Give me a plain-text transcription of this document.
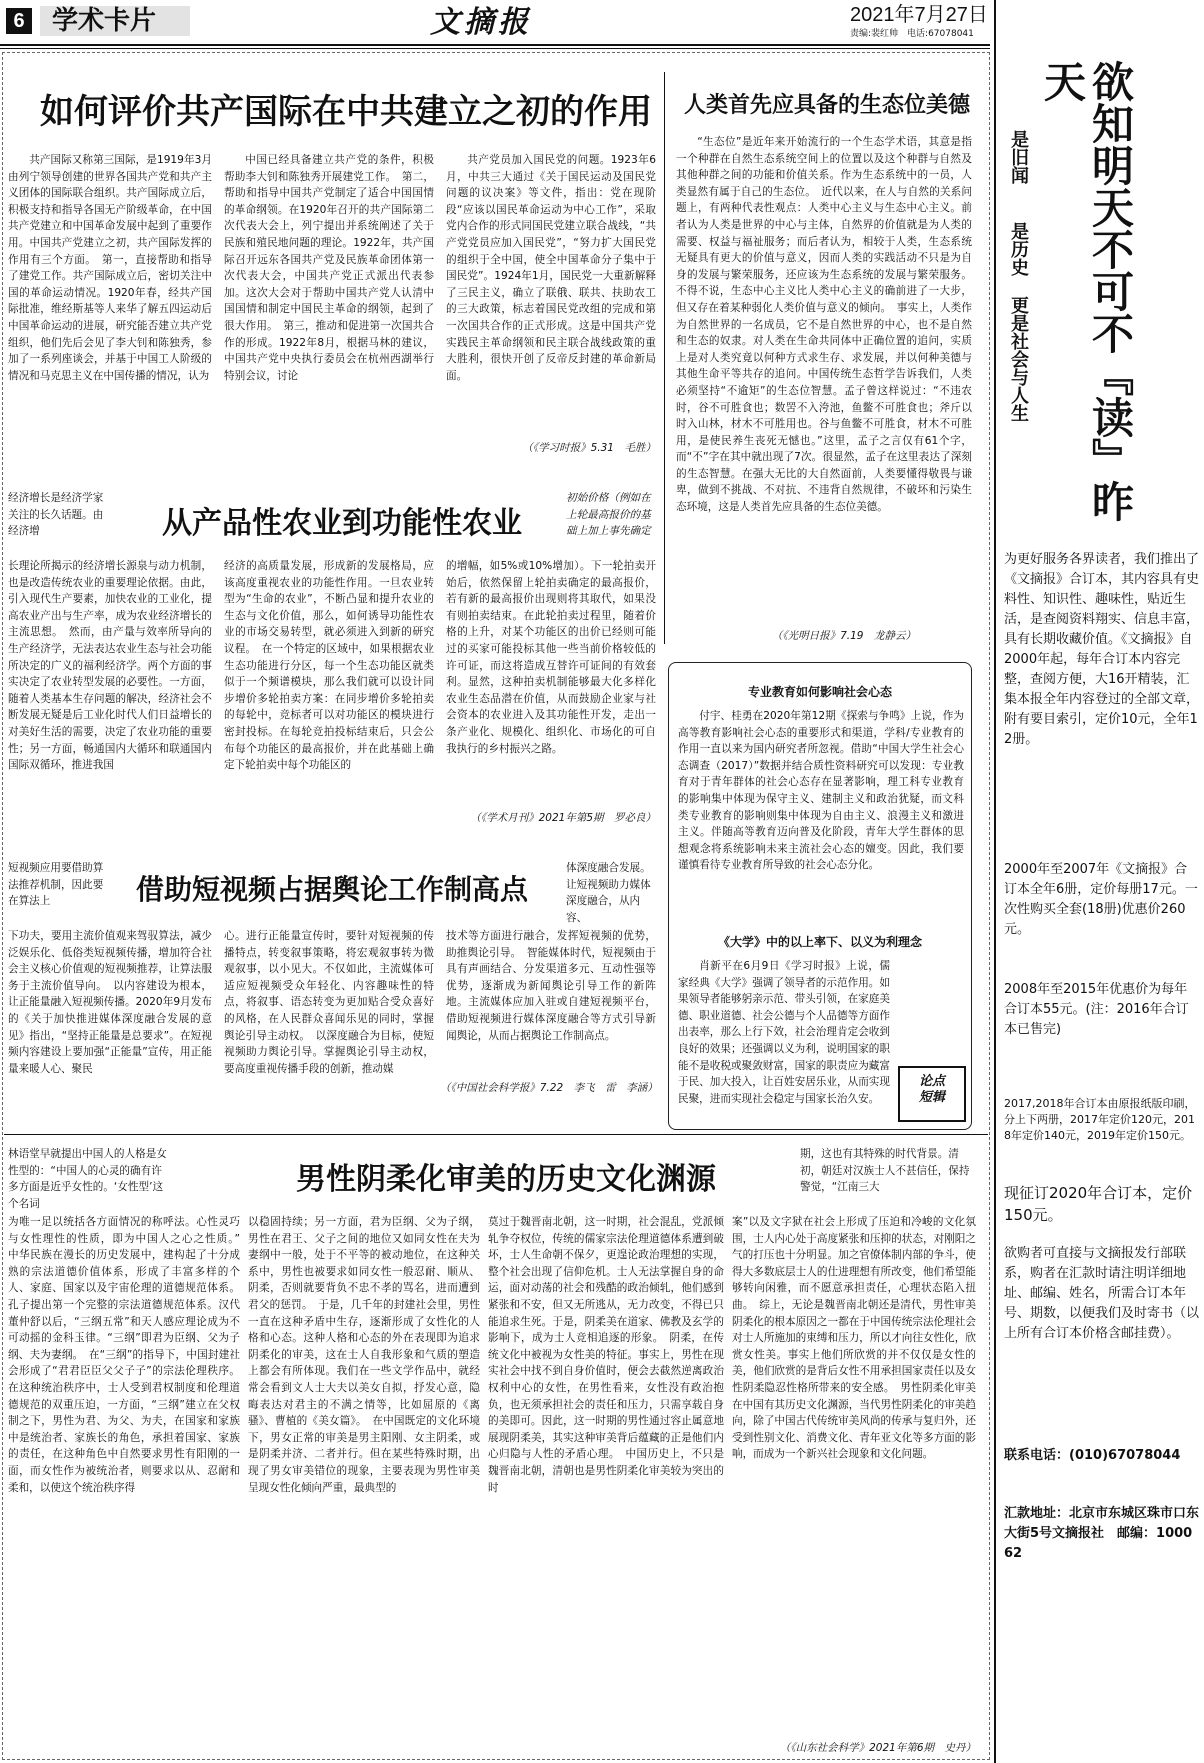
6	学术卡片	文摘报	2021年7月27日
责编:裴红帅　电话:67078041
如何评价共产国际在中共建立之初的作用

共产国际又称第三国际，是1919年3月由列宁领导创建的世界各国共产党和共产主义团体的国际联合组织。共产国际成立后，积极支持和指导各国无产阶级革命，在中国共产党建立和中国革命发展中起到了重要作用。中国共产党建立之初，共产国际发挥的作用有三个方面。　第一，直接帮助和指导了建党工作。共产国际成立后，密切关注中国的革命运动情况。1920年春，经共产国际批准，维经斯基等人来华了解五四运动后中国革命运动的进展，研究能否建立共产党组织，他们先后会见了李大钊和陈独秀，参加了一系列座谈会，并基于中国工人阶级的情况和马克思主义在中国传播的情况，认为

中国已经具备建立共产党的条件，积极帮助李大钊和陈独秀开展建党工作。　第二，帮助和指导中国共产党制定了适合中国国情的革命纲领。在1920年召开的共产国际第二次代表大会上，列宁提出并系统阐述了关于民族和殖民地问题的理论。1922年，共产国际召开远东各国共产党及民族革命团体第一次代表大会，中国共产党正式派出代表参加。这次大会对于帮助中国共产党人认清中国国情和制定中国民主革命的纲领，起到了很大作用。　第三，推动和促进第一次国共合作的形成。1922年8月，根据马林的建议，中国共产党中央执行委员会在杭州西湖举行特别会议，讨论

共产党员加入国民党的问题。1923年6月，中共三大通过《关于国民运动及国民党问题的议决案》等文件，指出：党在现阶段“应该以国民革命运动为中心工作”，采取党内合作的形式同国民党建立联合战线，“共产党党员应加入国民党”，“努力扩大国民党的组织于全中国，使全中国革命分子集中于国民党”。1924年1月，国民党一大重新解释了三民主义，确立了联俄、联共、扶助农工的三大政策，标志着国民党改组的完成和第一次国共合作的正式形成。这是中国共产党实践民主革命纲领和民主联合战线政策的重大胜利，很快开创了反帝反封建的革命新局面。

（《学习时报》5.31　毛胜）
人类首先应具备的生态位美德

“生态位”是近年来开始流行的一个生态学术语，其意是指一个种群在自然生态系统空间上的位置以及这个种群与自然及其他种群之间的功能和价值关系。作为生态系统中的一员，人类显然有属于自己的生态位。　近代以来，在人与自然的关系问题上，有两种代表性观点：人类中心主义与生态中心主义。前者认为人类是世界的中心与主体，自然界的价值就是为人类的需要、权益与福祉服务；而后者认为，相较于人类，生态系统无疑具有更大的价值与意义，因而人类的实践活动不只是为自身的发展与繁荣服务，还应该为生态系统的发展与繁荣服务。不得不说，生态中心主义比人类中心主义的确前进了一大步，但又存在着某种弱化人类价值与意义的倾向。　事实上，人类作为自然世界的一名成员，它不是自然世界的中心，也不是自然和生态的奴隶。对人类在生命共同体中正确位置的追问，实质上是对人类究竟以何种方式求生存、求发展，并以何种美德与其他生命平等共存的追问。中国传统生态哲学告诉我们，人类必须坚持“不逾矩”的生态位智慧。孟子曾这样说过：“不违农时，谷不可胜食也；数罟不入洿池，鱼鳖不可胜食也；斧斤以时入山林，材木不可胜用也。谷与鱼鳖不可胜食，材木不可胜用，是使民养生丧死无憾也。”这里，孟子之言仅有61个字，而“不”字在其中就出现了7次。很显然，孟子在这里表达了深刻的生态智慧。在强大无比的大自然面前，人类要懂得敬畏与谦卑，做到不挑战、不对抗、不违背自然规律，不破坏和污染生态环境，这是人类首先应具备的生态位美德。

（《光明日报》7.19　龙静云）
经济增长是经济学家关注的长久话题。由经济增
初始价格（例如在上轮最高报价的基础上加上事先确定
从产品性农业到功能性农业

长理论所揭示的经济增长源泉与动力机制，也是改造传统农业的重要理论依据。由此，引入现代生产要素，加快农业的工业化，提高农业产出与生产率，成为农业经济增长的主流思想。　然而，由产量与效率所导向的生产经济学，无法表达农业生态与社会功能所决定的广义的福利经济学。两个方面的事实决定了农业转型发展的必要性。一方面，随着人类基本生存问题的解决，经济社会不断发展无疑是后工业化时代人们日益增长的对美好生活的需要，决定了农业功能的重要性；另一方面，畅通国内大循环和联通国内国际双循环，推进我国

经济的高质量发展，形成新的发展格局，应该高度重视农业的功能性作用。一旦农业转型为“生命的农业”，不断凸显和提升农业的生态与文化价值，那么，如何诱导功能性农业的市场交易转型，就必须进入到新的研究议程。　在一个特定的区域中，如果根据农业生态功能进行分区，每一个生态功能区就类似于一个频谱模块，那么我们就可以设计同步增价多轮拍卖方案：在同步增价多轮拍卖的每轮中，竞标者可以对功能区的模块进行密封投标。在每轮竞拍投标结束后，只会公布每个功能区的最高报价，并在此基础上确定下轮拍卖中每个功能区的

的增幅，如5%或10%增加）。下一轮拍卖开始后，依然保留上轮拍卖确定的最高报价，若有新的最高报价出现则将其取代，如果没有则拍卖结束。在此轮拍卖过程里，随着价格的上升，对某个功能区的出价已经则可能过的买家可能投标其他一些当前价格较低的许可证，而这将造成互替许可证间的有效套利。显然，这种拍卖机制能够最大化多样化农业生态品潜在价值，从而鼓励企业家与社会资本的农业进入及其功能性开发，走出一条产业化、规模化、组织化、市场化的可自我执行的乡村振兴之路。

（《学术月刊》2021年第5期　罗必良）
专业教育如何影响社会心态

付宇、桂勇在2020年第12期《探索与争鸣》上说，作为高等教育影响社会心态的重要形式和渠道，学科/专业教育的作用一直以来为国内研究者所忽视。借助“中国大学生社会心态调查（2017）”数据并结合质性资料研究可以发现：专业教育对于青年群体的社会心态存在显著影响，理工科专业教育的影响集中体现为保守主义、建制主义和政治犹疑，而文科类专业教育的影响则集中体现为自由主义、浪漫主义和激进主义。伴随高等教育迈向普及化阶段，青年大学生群体的思想观念将系统影响未来主流社会心态的嬗变。因此，我们要谨慎看待专业教育所导致的社会心态分化。

《大学》中的以上率下、以义为利理念

肖新平在6月9日《学习时报》上说，儒家经典《大学》强调了领导者的示范作用。如果领导者能够躬亲示范、带头引领，在家庭美德、职业道德、社会公德与个人品德等方面作出表率，那么上行下效，社会治理肯定会收到良好的效果；还强调以义为利，说明国家的职能不是收税或聚敛财富，国家的职责应为藏富于民、加大投入，让百姓安居乐业，从而实现民聚，进而实现社会稳定与国家长治久安。

论点
短辑
短视频应用要借助算法推荐机制，因此要在算法上
体深度融合发展。让短视频助力媒体深度融合，从内容、
借助短视频占据舆论工作制高点

下功夫，要用主流价值观来驾驭算法，减少泛娱乐化、低俗类短视频传播，增加符合社会主义核心价值观的短视频推荐，让算法服务于主流价值导向。　以内容建设为根本，让正能量融入短视频传播。2020年9月发布的《关于加快推进媒体深度融合发展的意见》指出，“坚持正能量是总要求”。在短视频内容建设上要加强“正能量”宣传，用正能量来暖人心、聚民

心。进行正能量宣传时，要针对短视频的传播特点，转变叙事策略，将宏观叙事转为微观叙事，以小见大。不仅如此，主流媒体可适应短视频受众年轻化、内容趣味性的特点，将叙事、语态转变为更加贴合受众喜好的风格，在人民群众喜闻乐见的同时，掌握舆论引导主动权。　以深度融合为目标，使短视频助力舆论引导。掌握舆论引导主动权，要高度重视传播手段的创新，推动媒

技术等方面进行融合，发挥短视频的优势，助推舆论引导。　智能媒体时代，短视频由于具有声画结合、分发渠道多元、互动性强等优势，逐渐成为新闻舆论引导工作的新阵地。主流媒体应加入驻或自建短视频平台，借助短视频进行媒体深度融合等方式引导新闻舆论，从而占据舆论工作制高点。

（《中国社会科学报》7.22　李飞　雷　李涵）
林语堂早就提出中国人的人格是女性型的：“中国人的心灵的确有许多方面是近乎女性的。‘女性型’这个名词
期，这也有其特殊的时代背景。清初，朝廷对汉族士人不甚信任，保持警觉，“江南三大
男性阴柔化审美的历史文化渊源

为唯一足以统括各方面情况的称呼法。心性灵巧与女性理性的性质，即为中国人之心之性质。”　中华民族在漫长的历史发展中，建构起了十分成熟的宗法道德价值体系，形成了丰富多样的个人、家庭、国家以及宇宙伦理的道德规范体系。孔子提出第一个完整的宗法道德规范体系。汉代董仲舒以后，“三纲五常”和天人感应理论成为不可动摇的金科玉律。“三纲”即君为臣纲、父为子纲、夫为妻纲。　在“三纲”的指导下，中国封建社会形成了“君君臣臣父父子子”的宗法伦理秩序。在这种统治秩序中，士人受到君权制度和伦理道德规范的双重压迫，一方面，“三纲”建立在父权制之下，男性为君、为父、为夫，在国家和家族中是统治者、家族长的角色，承担着国家、家族的责任，在这种角色中自然要求男性有阳刚的一面，而女性作为被统治者，则要求以从、忍耐和柔和，以使这个统治秩序得

以稳固持续；另一方面，君为臣纲、父为子纲，男性在君王、父子之间的地位又如同女性在夫为妻纲中一般，处于不平等的被动地位，在这种关系中，男性也被要求如同女性一般忍耐、顺从、阴柔，否则就要背负不忠不孝的骂名，进而遭到君父的惩罚。　于是，几千年的封建社会里，男性一直在这种矛盾中生存，逐渐形成了女性化的人格和心态。这种人格和心态的外在表现即为追求阴柔化的审美，这在士人自我形象和气质的塑造上都会有所体现。我们在一些文学作品中，就经常会看到文人士大夫以美女自拟，抒发心意，隐晦表达对君主的不满之情等，比如屈原的《离骚》、曹植的《美女篇》。　在中国既定的文化环境下，男女正常的审美是男主阳刚、女主阴柔，或是阴柔并济、二者并行。但在某些特殊时期，出现了男女审美错位的现象，主要表现为男性审美呈现女性化倾向严重，最典型的

莫过于魏晋南北朝，这一时期，社会混乱，党派倾轧争夺权位，传统的儒家宗法伦理道德体系遭到破坏，士人生命朝不保夕，更遑论政治理想的实现，整个社会出现了信仰危机。士人无法掌握自身的命运，面对动荡的社会和残酷的政治倾轧，他们感到紧张和不安，但又无所逃从，无力改变，不得已只能追求生死。于是，阴柔美在道家、佛教及玄学的影响下，成为士人竞相追逐的形象。　阴柔，在传统文化中被视为女性美的特征。事实上，男性在现实社会中找不到自身价值时，便会去截然逆离政治权利中心的女性，在男性看来，女性没有政治抱负，也无须承担社会的责任和压力，只需享载自身的美即可。因此，这一时期的男性通过容止属意地展现阴柔美，其实这种审美背后蕴藏的正是他们内心归隐与人性的矛盾心理。　中国历史上，不只是魏晋南北朝，清朝也是男性阴柔化审美较为突出的时

案”以及文字狱在社会上形成了压迫和冷峻的文化氛围，士人内心处于高度紧张和压抑的状态，对刚阳之气的打压也十分明显。加之官僚体制内部的争斗，使得大多数底层士人的仕进理想有所改变，他们希望能够转向闲雅，而不愿意承担责任，心理状态陷入扭曲。　综上，无论是魏晋南北朝还是清代，男性审美阴柔化的根本原因之一都在于中国传统宗法伦理社会对士人所施加的束缚和压力，所以才向往女性化，欣赏女性美。事实上他们所欣赏的并不仅仅是女性的美，他们欣赏的是背后女性不用承担国家责任以及女性阴柔隐忍性格所带来的安全感。　男性阴柔化审美在中国有其历史文化渊源，当代男性阴柔化的审美趋向，除了中国古代传统审美风尚的传承与复归外，还受到性别文化、消费文化、青年亚文化等多方面的影响，而成为一个新兴社会现象和文化问题。

（《山东社会科学》2021年第6期　史丹）
欲知明天不可不『读』昨天
是旧闻
是历史
更是社会与人生
为更好服务各界读者，我们推出了《文摘报》合订本，其内容具有史料性、知识性、趣味性，贴近生活，是查阅资料翔实、信息丰富，具有长期收藏价值。《文摘报》自2000年起，每年合订本内容完整，查阅方便，大16开精装，汇集本报全年内容登过的全部文章，附有要目索引，定价10元，全年12册。
2000年至2007年《文摘报》合订本全年6册，定价每册17元。一次性购买全套(18册)优惠价260元。
2008年至2015年优惠价为每年合订本55元。(注：2016年合订本已售完)
2017,2018年合订本由原报纸版印刷，分上下两册，2017年定价120元，2018年定价140元，2019年定价150元。
现征订2020年合订本，定价150元。
欲购者可直接与文摘报发行部联系，购者在汇款时请注明详细地址、邮编、姓名，所需合订本年号、期数，以便我们及时寄书（以上所有合订本价格含邮挂费）。
联系电话：(010)67078044
汇款地址：北京市东城区珠市口东大街5号文摘报社　邮编：100062
